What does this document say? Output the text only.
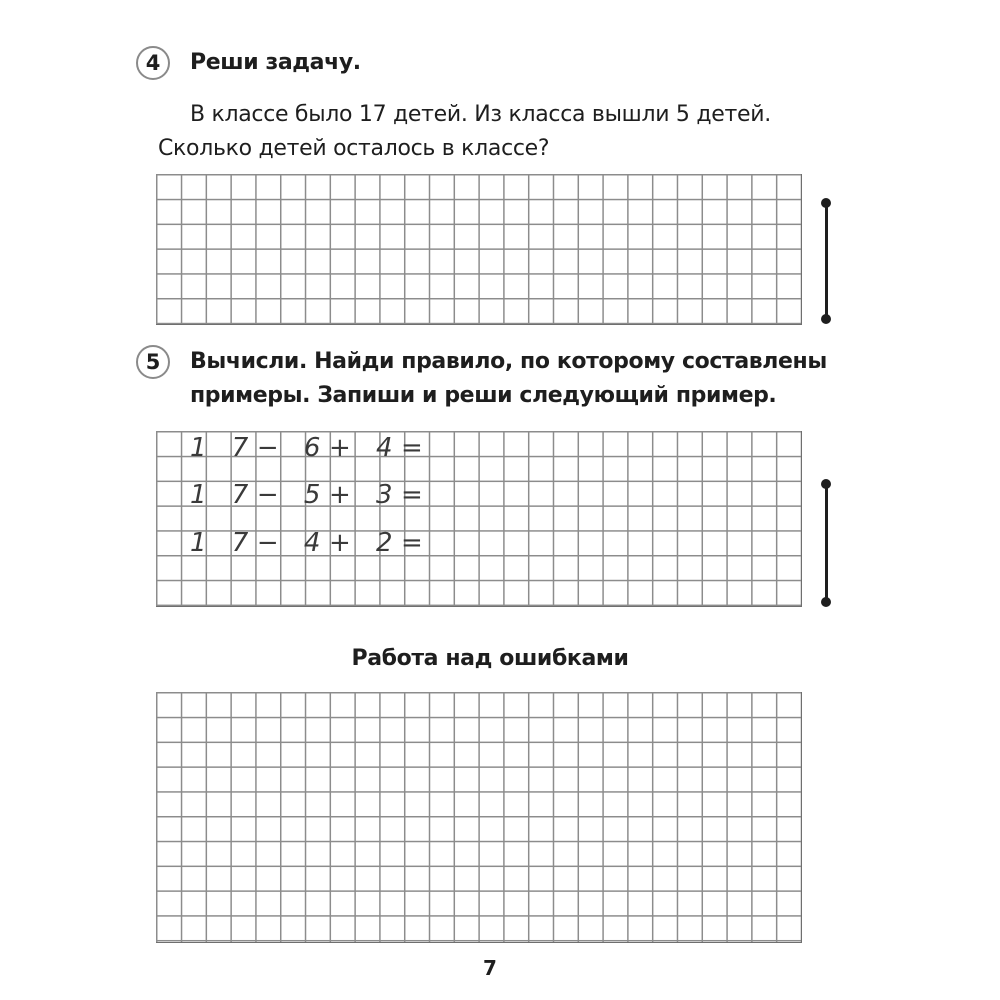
4 Реши задачу.
В классе было 17 детей. Из класса вышли 5 детей.
Сколько детей осталось в классе?
5 Вычисли. Найди правило, по которому составлены
примеры. Запиши и реши следующий пример.
1 7− 6+ 4=
1 7− 5+ 3=
1 7− 4+ 2=
Работа над ошибками
7
